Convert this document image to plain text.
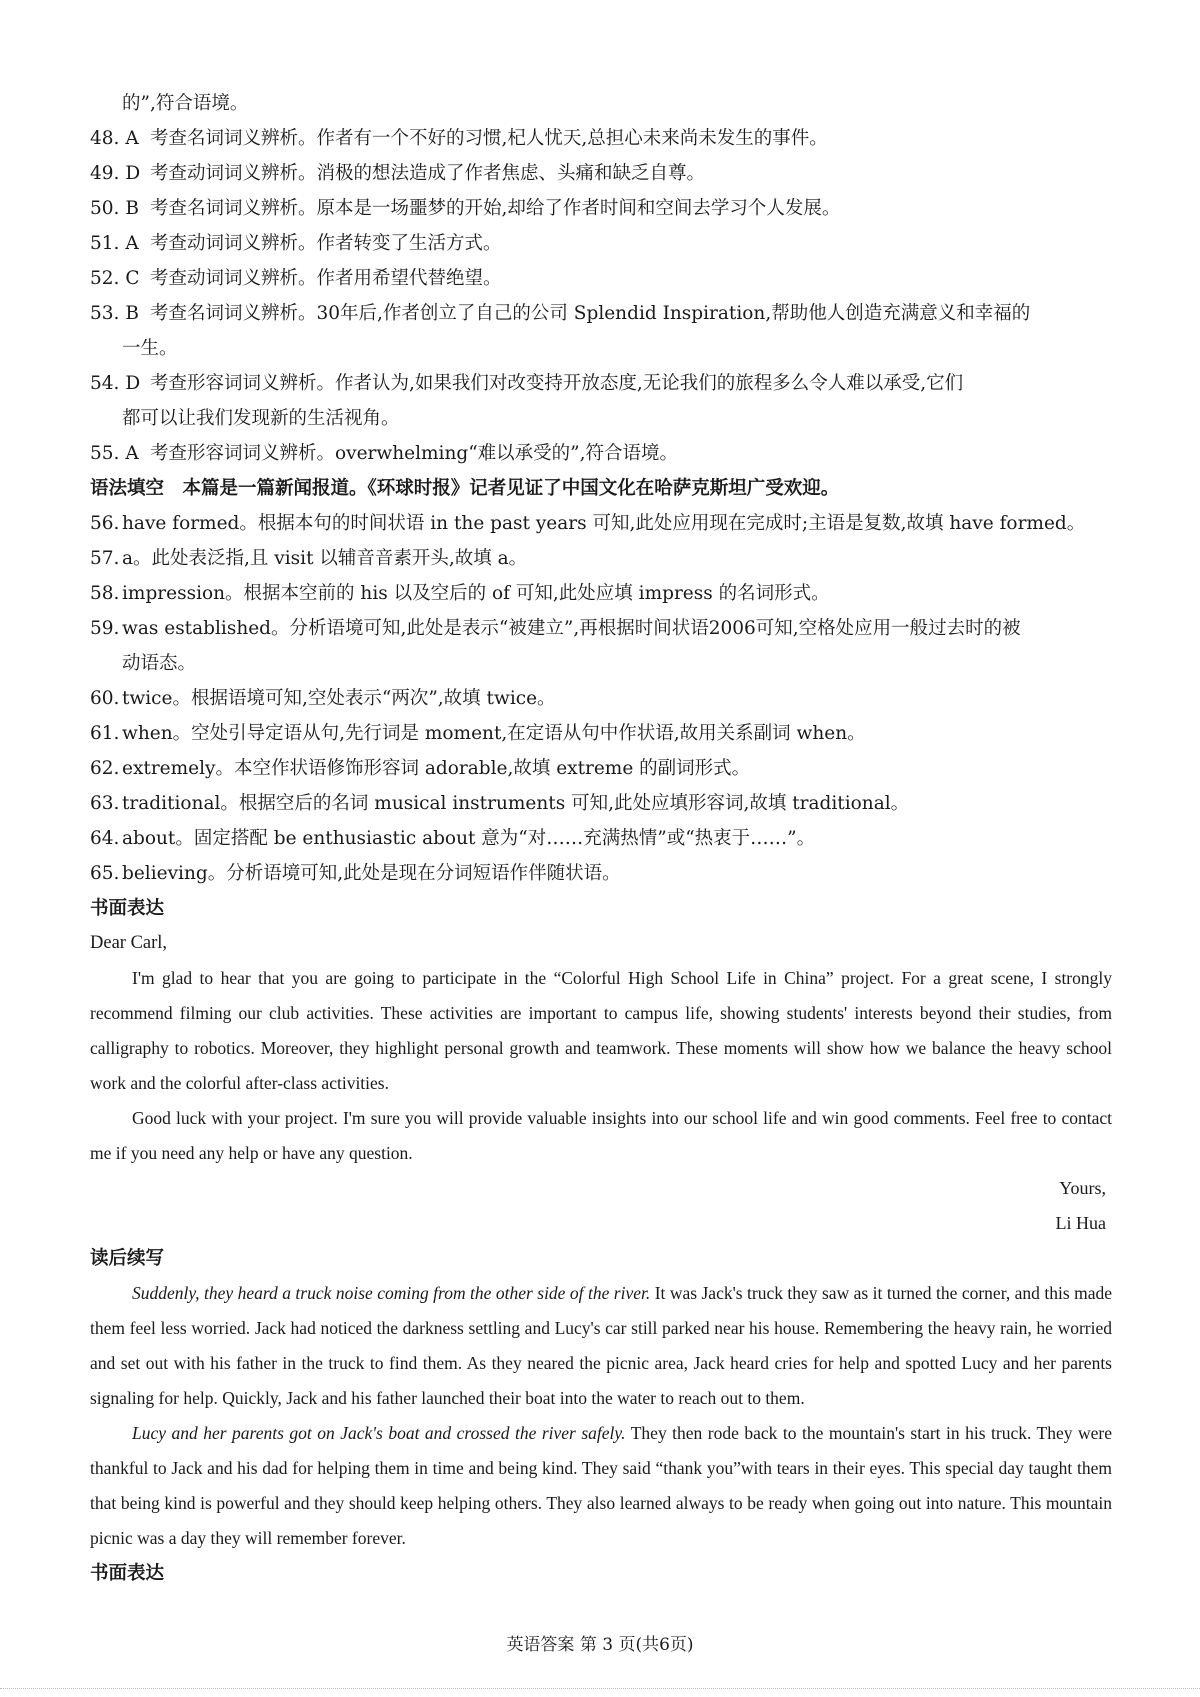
的”,符合语境。
48. A 考查名词词义辨析。作者有一个不好的习惯,杞人忧天,总担心未来尚未发生的事件。
49. D 考查动词词义辨析。消极的想法造成了作者焦虑、头痛和缺乏自尊。
50. B 考查名词词义辨析。原本是一场噩梦的开始,却给了作者时间和空间去学习个人发展。
51. A 考查动词词义辨析。作者转变了生活方式。
52. C 考查动词词义辨析。作者用希望代替绝望。
53. B 考查名词词义辨析。30年后,作者创立了自己的公司 Splendid Inspiration,帮助他人创造充满意义和幸福的
一生。
54. D 考查形容词词义辨析。作者认为,如果我们对改变持开放态度,无论我们的旅程多么令人难以承受,它们
都可以让我们发现新的生活视角。
55. A 考查形容词词义辨析。overwhelming“难以承受的”,符合语境。
语法填空　本篇是一篇新闻报道。《环球时报》记者见证了中国文化在哈萨克斯坦广受欢迎。
56. have formed。根据本句的时间状语 in the past years 可知,此处应用现在完成时;主语是复数,故填 have formed。
57. a。此处表泛指,且 visit 以辅音音素开头,故填 a。
58. impression。根据本空前的 his 以及空后的 of 可知,此处应填 impress 的名词形式。
59. was established。分析语境可知,此处是表示“被建立”,再根据时间状语2006可知,空格处应用一般过去时的被
动语态。
60. twice。根据语境可知,空处表示“两次”,故填 twice。
61. when。空处引导定语从句,先行词是 moment,在定语从句中作状语,故用关系副词 when。
62. extremely。本空作状语修饰形容词 adorable,故填 extreme 的副词形式。
63. traditional。根据空后的名词 musical instruments 可知,此处应填形容词,故填 traditional。
64. about。固定搭配 be enthusiastic about 意为“对……充满热情”或“热衷于……”。
65. believing。分析语境可知,此处是现在分词短语作伴随状语。
书面表达
Dear Carl,
I'm glad to hear that you are going to participate in the “Colorful High School Life in China” project. For a great scene, I strongly recommend filming our club activities. These activities are important to campus life, showing students' interests beyond their studies, from calligraphy to robotics. Moreover, they highlight personal growth and teamwork. These moments will show how we balance the heavy school work and the colorful after-class activities.
Good luck with your project. I'm sure you will provide valuable insights into our school life and win good comments. Feel free to contact me if you need any help or have any question.
Yours,
Li Hua
读后续写
Suddenly, they heard a truck noise coming from the other side of the river. It was Jack's truck they saw as it turned the corner, and this made them feel less worried. Jack had noticed the darkness settling and Lucy's car still parked near his house. Remembering the heavy rain, he worried and set out with his father in the truck to find them. As they neared the picnic area, Jack heard cries for help and spotted Lucy and her parents signaling for help. Quickly, Jack and his father launched their boat into the water to reach out to them.
Lucy and her parents got on Jack's boat and crossed the river safely. They then rode back to the mountain's start in his truck. They were thankful to Jack and his dad for helping them in time and being kind. They said “thank you”with tears in their eyes. This special day taught them that being kind is powerful and they should keep helping others. They also learned always to be ready when going out into nature. This mountain picnic was a day they will remember forever.
书面表达
英语答案 第 3 页(共6页)
